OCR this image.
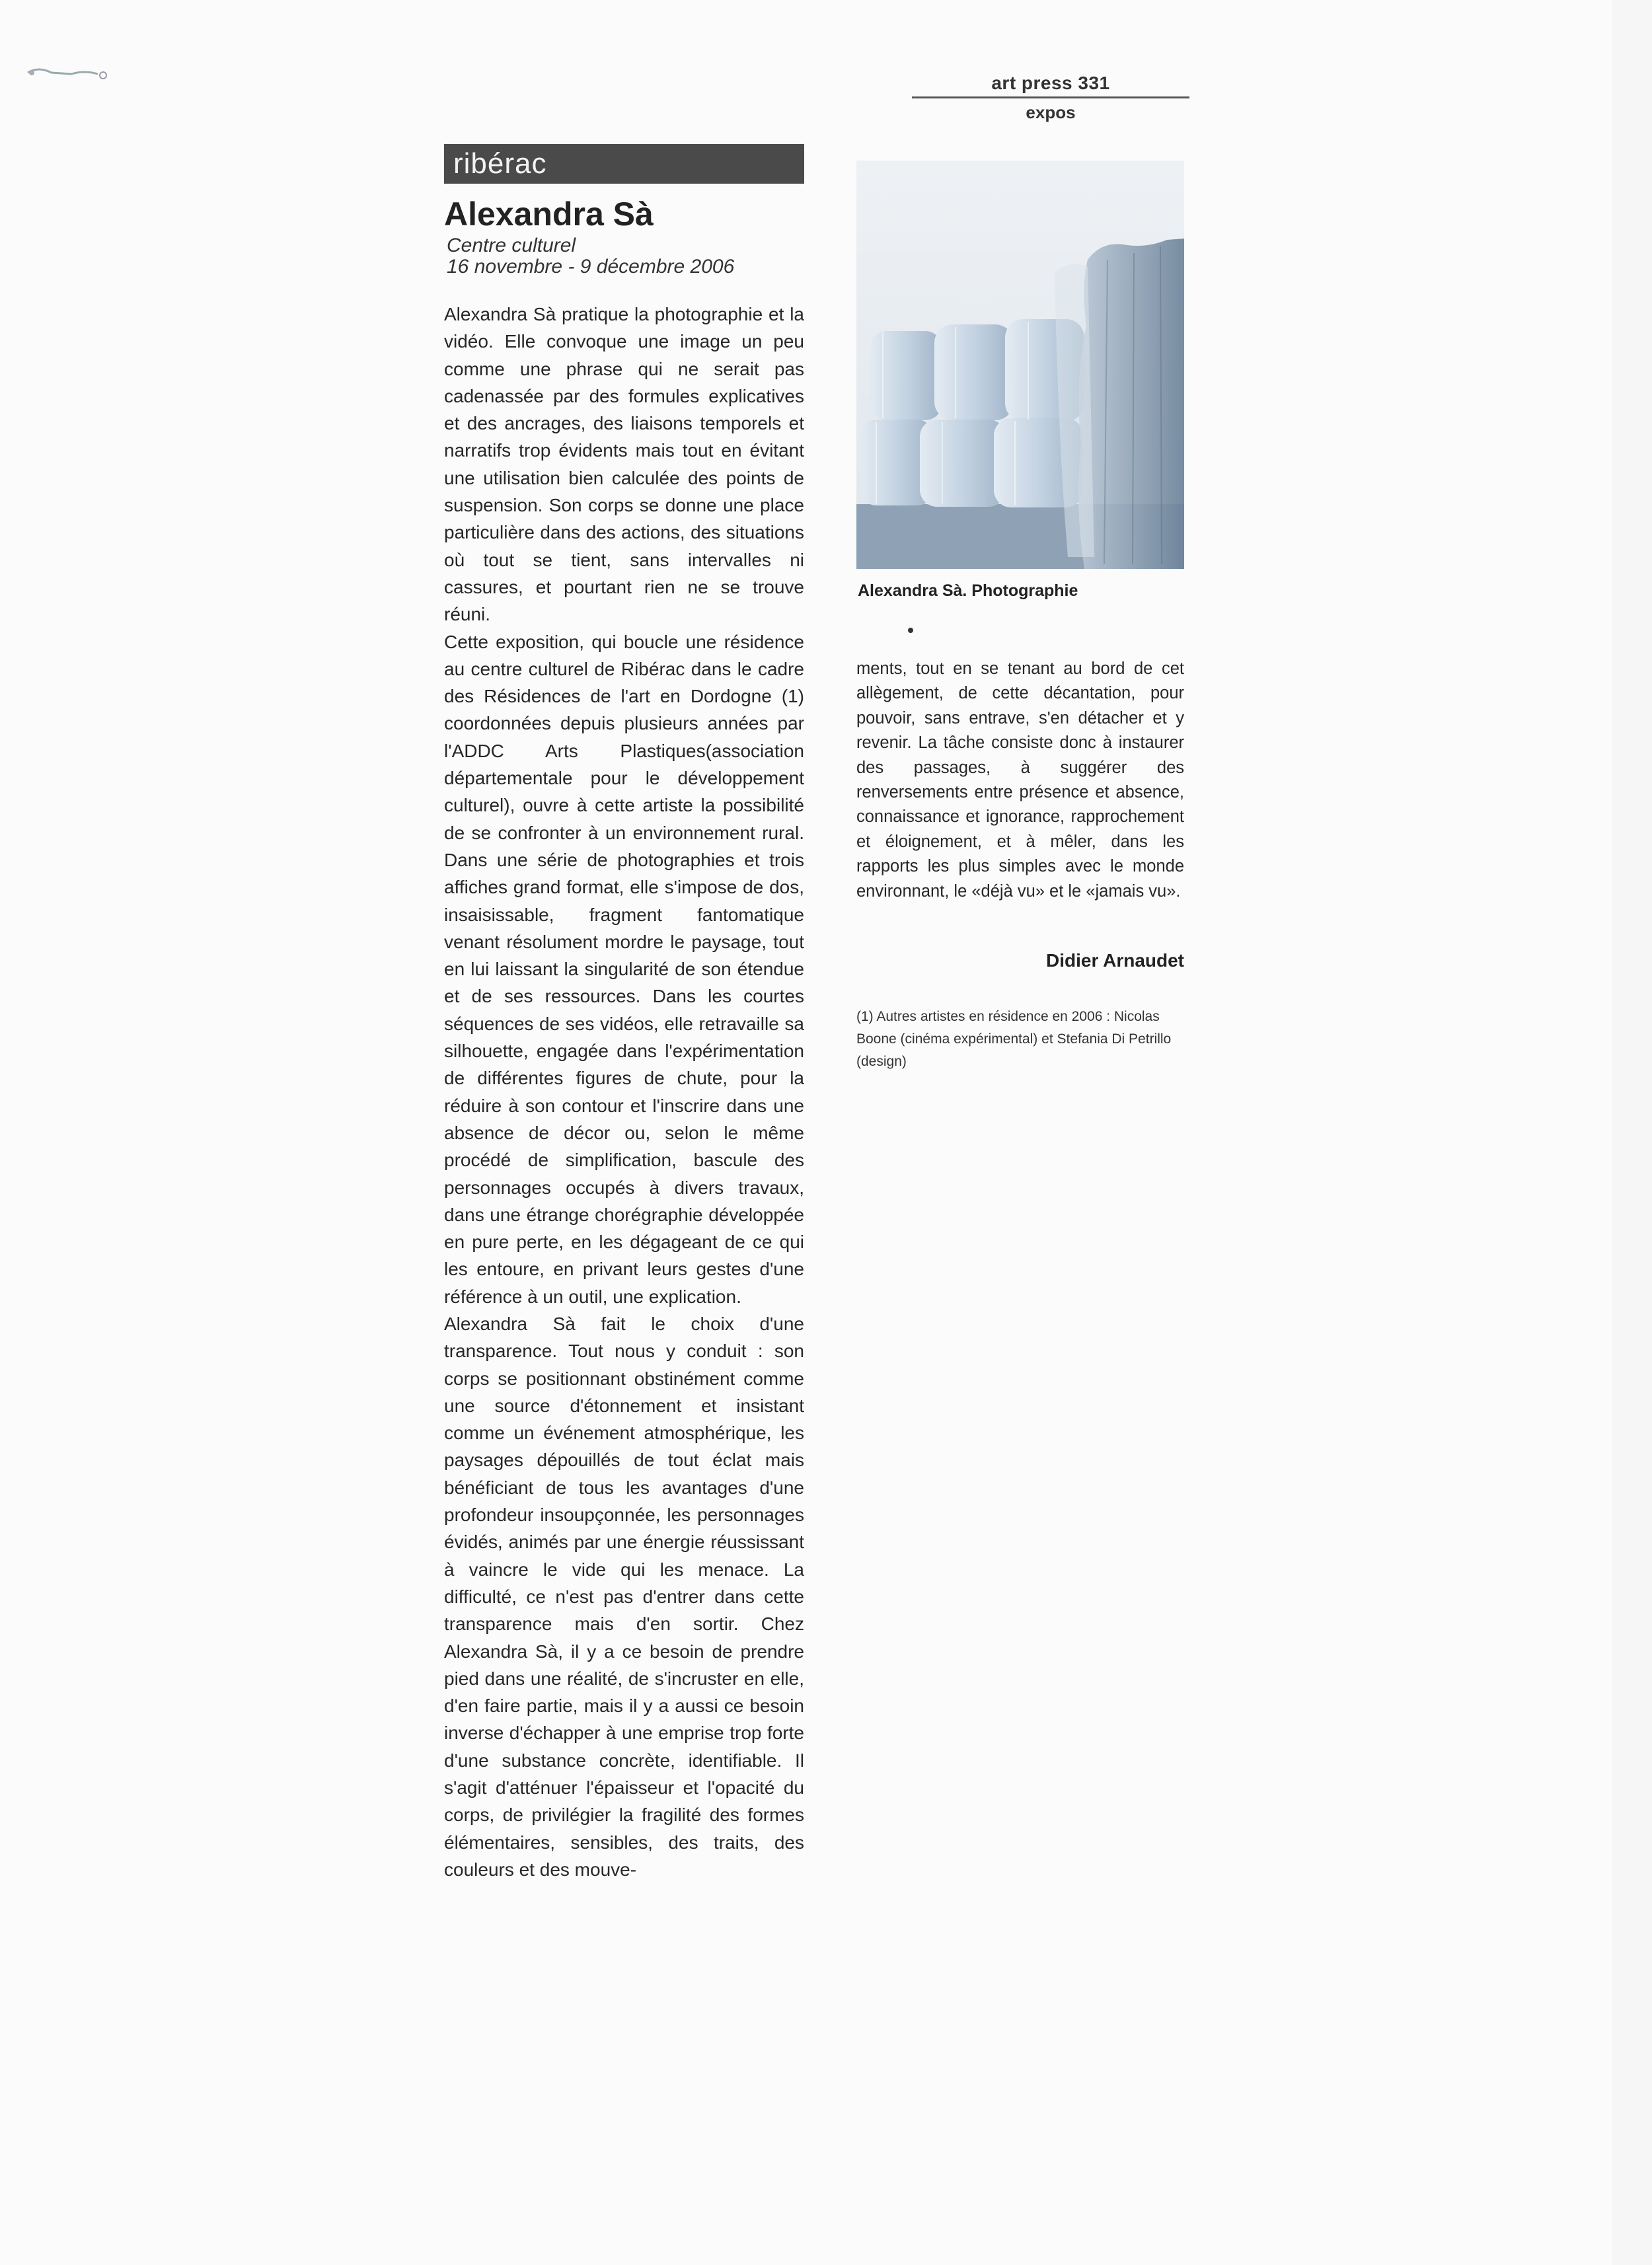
art press 331
expos
ribérac
Alexandra Sà
Centre culturel
16 novembre - 9 décembre 2006

Alexandra Sà pratique la photographie et la vidéo. Elle convoque une image un peu comme une phrase qui ne serait pas cadenassée par des formules explicatives et des ancrages, des liaisons temporels et narratifs trop évidents mais tout en évitant une utilisation bien calculée des points de suspension. Son corps se donne une place particulière dans des actions, des situations où tout se tient, sans intervalles ni cassures, et pourtant rien ne se trouve réuni.

Cette exposition, qui boucle une résidence au centre culturel de Ribérac dans le cadre des Résidences de l'art en Dordogne (1) coordonnées depuis plusieurs années par l'ADDC Arts Plastiques(association départementale pour le développement culturel), ouvre à cette artiste la possibilité de se confronter à un environnement rural. Dans une série de photographies et trois affiches grand format, elle s'impose de dos, insaisissable, fragment fantomatique venant résolument mordre le paysage, tout en lui laissant la singularité de son étendue et de ses ressources. Dans les courtes séquences de ses vidéos, elle retravaille sa silhouette, engagée dans l'expérimentation de différentes figures de chute, pour la réduire à son contour et l'inscrire dans une absence de décor ou, selon le même procédé de simplification, bascule des personnages occupés à divers travaux, dans une étrange chorégraphie développée en pure perte, en les dégageant de ce qui les entoure, en privant leurs gestes d'une référence à un outil, une explication.

Alexandra Sà fait le choix d'une transparence. Tout nous y conduit : son corps se positionnant obstinément comme une source d'étonnement et insistant comme un événement atmosphérique, les paysages dépouillés de tout éclat mais bénéficiant de tous les avantages d'une profondeur insoupçonnée, les personnages évidés, animés par une énergie réussissant à vaincre le vide qui les menace. La difficulté, ce n'est pas d'entrer dans cette transparence mais d'en sortir. Chez Alexandra Sà, il y a ce besoin de prendre pied dans une réalité, de s'incruster en elle, d'en faire partie, mais il y a aussi ce besoin inverse d'échapper à une emprise trop forte d'une substance concrète, identifiable. Il s'agit d'atténuer l'épaisseur et l'opacité du corps, de privilégier la fragilité des formes élémentaires, sensibles, des traits, des couleurs et des mouve-

Alexandra Sà. Photographie

ments, tout en se tenant au bord de cet allègement, de cette décantation, pour pouvoir, sans entrave, s'en détacher et y revenir. La tâche consiste donc à instaurer des passages, à suggérer des renversements entre présence et absence, connaissance et ignorance, rapprochement et éloignement, et à mêler, dans les rapports les plus simples avec le monde environnant, le «déjà vu» et le «jamais vu».

Didier Arnaudet
(1) Autres artistes en résidence en 2006 : Nicolas Boone (cinéma expérimental) et Stefania Di Petrillo (design)
